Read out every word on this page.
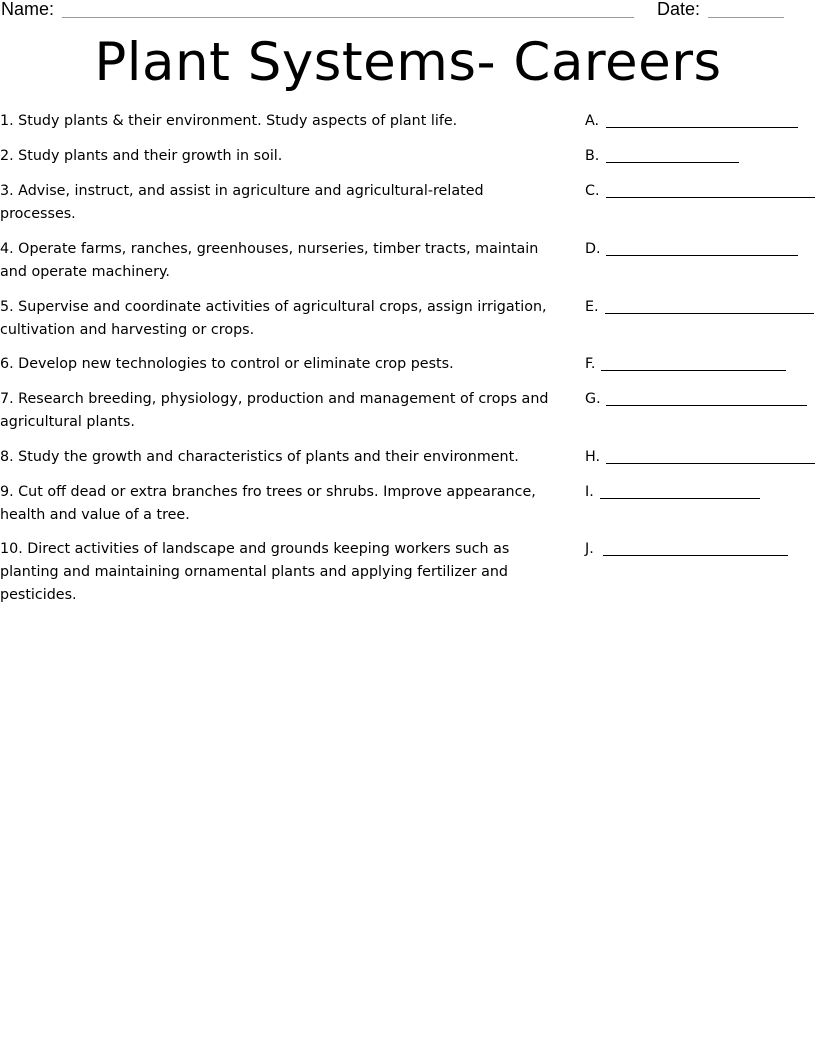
Name:	Date:
Plant Systems- Careers
1. Study plants & their environment. Study aspects of plant life.
2. Study plants and their growth in soil.
3. Advise, instruct, and assist in agriculture and agricultural-related processes.
4. Operate farms, ranches, greenhouses, nurseries, timber tracts, maintain and operate machinery.
5. Supervise and coordinate activities of agricultural crops, assign irrigation, cultivation and harvesting or crops.
6. Develop new technologies to control or eliminate crop pests.
7. Research breeding, physiology, production and management of crops and agricultural plants.
8. Study the growth and characteristics of plants and their environment.
9. Cut off dead or extra branches fro trees or shrubs. Improve appearance, health and value of a tree.
10. Direct activities of landscape and grounds keeping workers such as planting and maintaining ornamental plants and applying fertilizer and pesticides.
A.
B.
C.
D.
E.
F.
G.
H.
I.
J.
